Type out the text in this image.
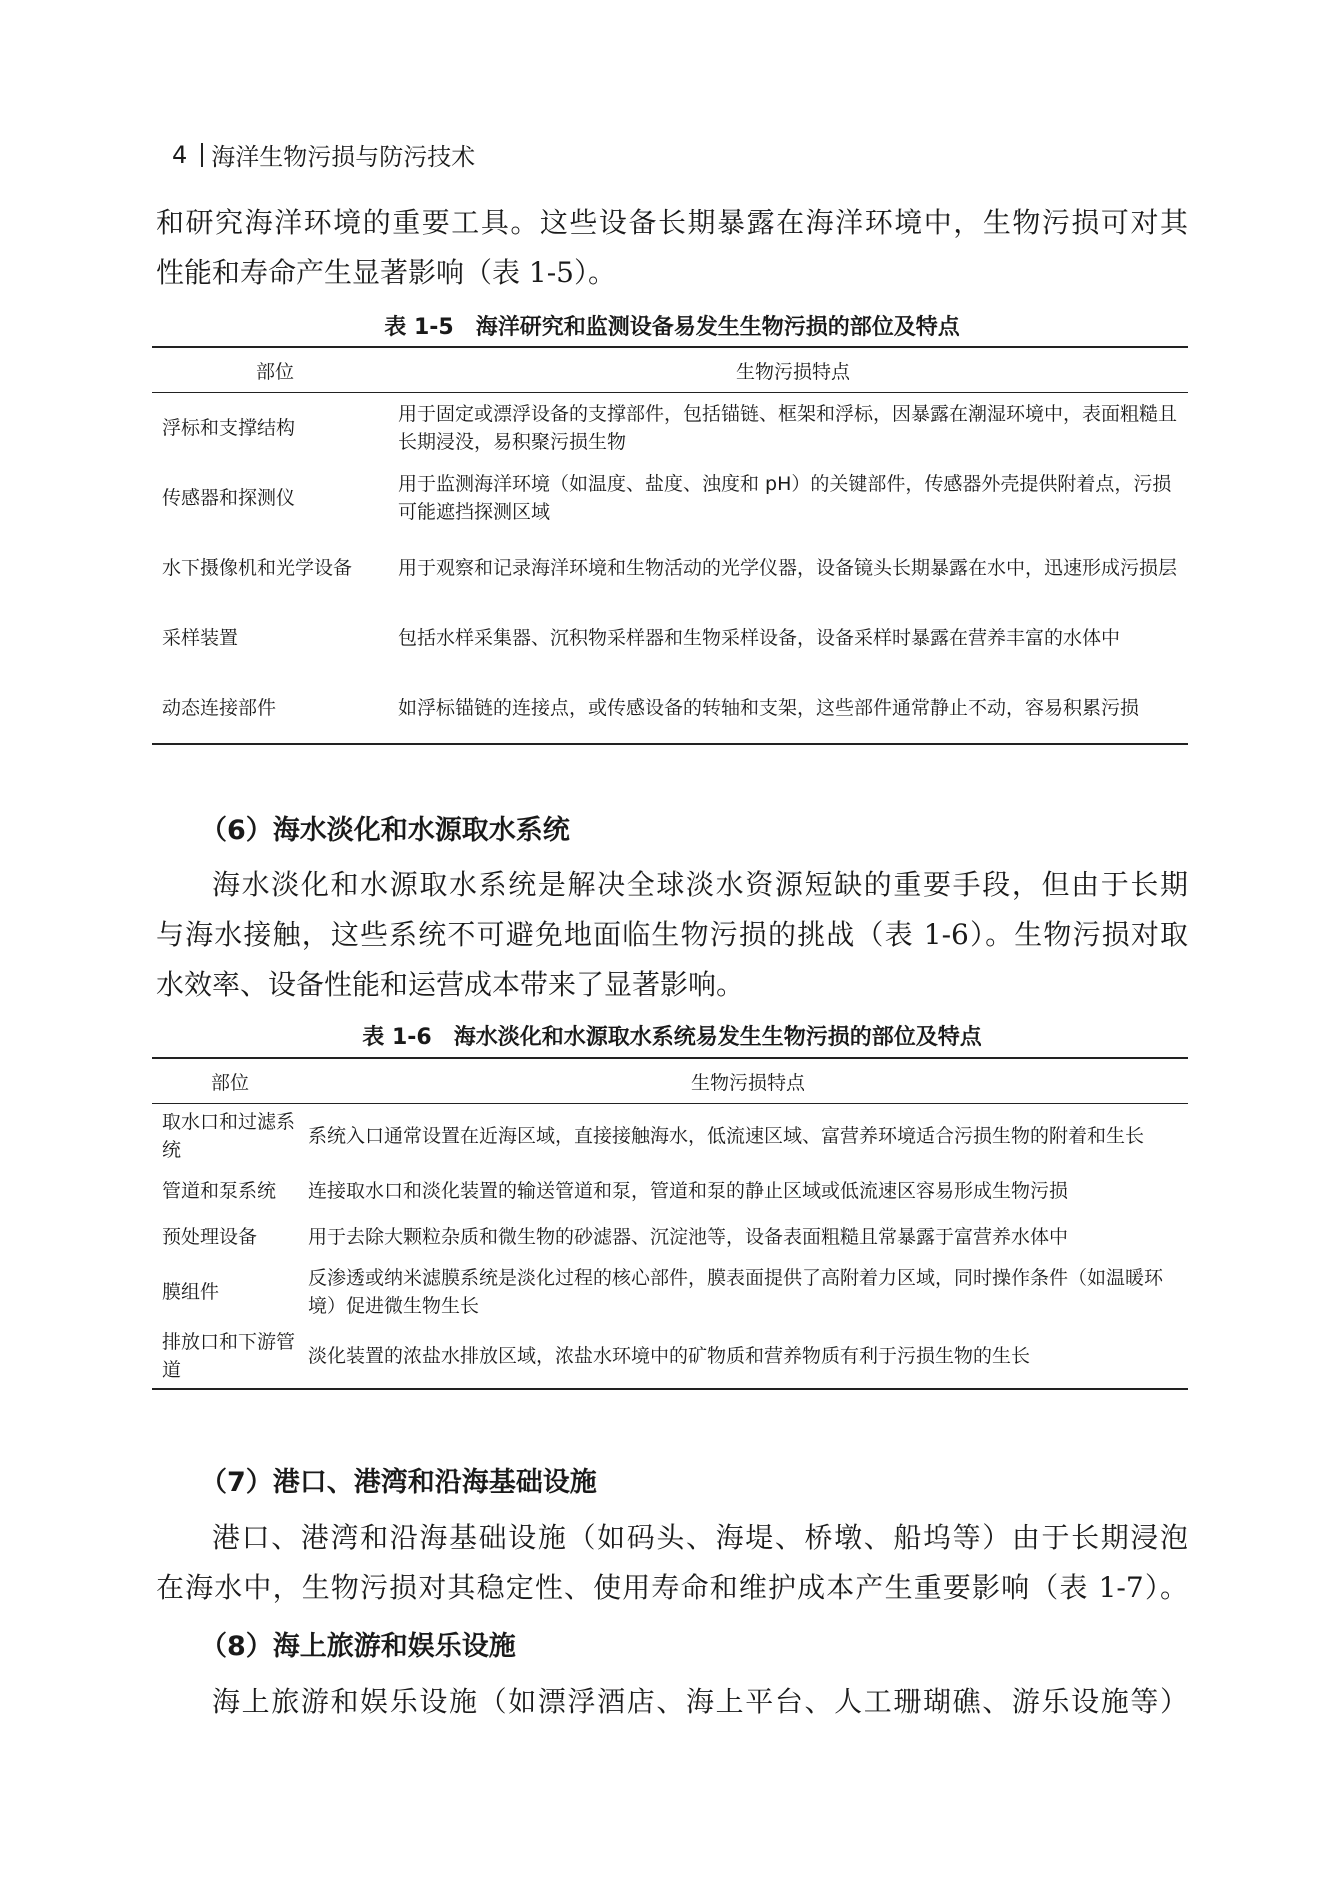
4 海洋生物污损与防污技术
和研究海洋环境的重要工具。这些设备长期暴露在海洋环境中，生物污损可对其
性能和寿命产生显著影响（表 1-5）。
表 1-5 海洋研究和监测设备易发生生物污损的部位及特点
部位	生物污损特点
浮标和支撑结构	用于固定或漂浮设备的支撑部件，包括锚链、框架和浮标，因暴露在潮湿环境中，表面粗糙且长期浸没，易积聚污损生物
传感器和探测仪	用于监测海洋环境（如温度、盐度、浊度和 pH）的关键部件，传感器外壳提供附着点，污损可能遮挡探测区域
水下摄像机和光学设备	用于观察和记录海洋环境和生物活动的光学仪器，设备镜头长期暴露在水中，迅速形成污损层
采样装置	包括水样采集器、沉积物采样器和生物采样设备，设备采样时暴露在营养丰富的水体中
动态连接部件	如浮标锚链的连接点，或传感设备的转轴和支架，这些部件通常静止不动，容易积累污损
（6）海水淡化和水源取水系统
海水淡化和水源取水系统是解决全球淡水资源短缺的重要手段，但由于长期
与海水接触，这些系统不可避免地面临生物污损的挑战（表 1-6）。生物污损对取
水效率、设备性能和运营成本带来了显著影响。
表 1-6 海水淡化和水源取水系统易发生生物污损的部位及特点
部位	生物污损特点
取水口和过滤系统	系统入口通常设置在近海区域，直接接触海水，低流速区域、富营养环境适合污损生物的附着和生长
管道和泵系统	连接取水口和淡化装置的输送管道和泵，管道和泵的静止区域或低流速区容易形成生物污损
预处理设备	用于去除大颗粒杂质和微生物的砂滤器、沉淀池等，设备表面粗糙且常暴露于富营养水体中
膜组件	反渗透或纳米滤膜系统是淡化过程的核心部件，膜表面提供了高附着力区域，同时操作条件（如温暖环境）促进微生物生长
排放口和下游管道	淡化装置的浓盐水排放区域，浓盐水环境中的矿物质和营养物质有利于污损生物的生长
（7）港口、港湾和沿海基础设施
港口、港湾和沿海基础设施（如码头、海堤、桥墩、船坞等）由于长期浸泡
在海水中，生物污损对其稳定性、使用寿命和维护成本产生重要影响（表 1-7）。
（8）海上旅游和娱乐设施
海上旅游和娱乐设施（如漂浮酒店、海上平台、人工珊瑚礁、游乐设施等）
